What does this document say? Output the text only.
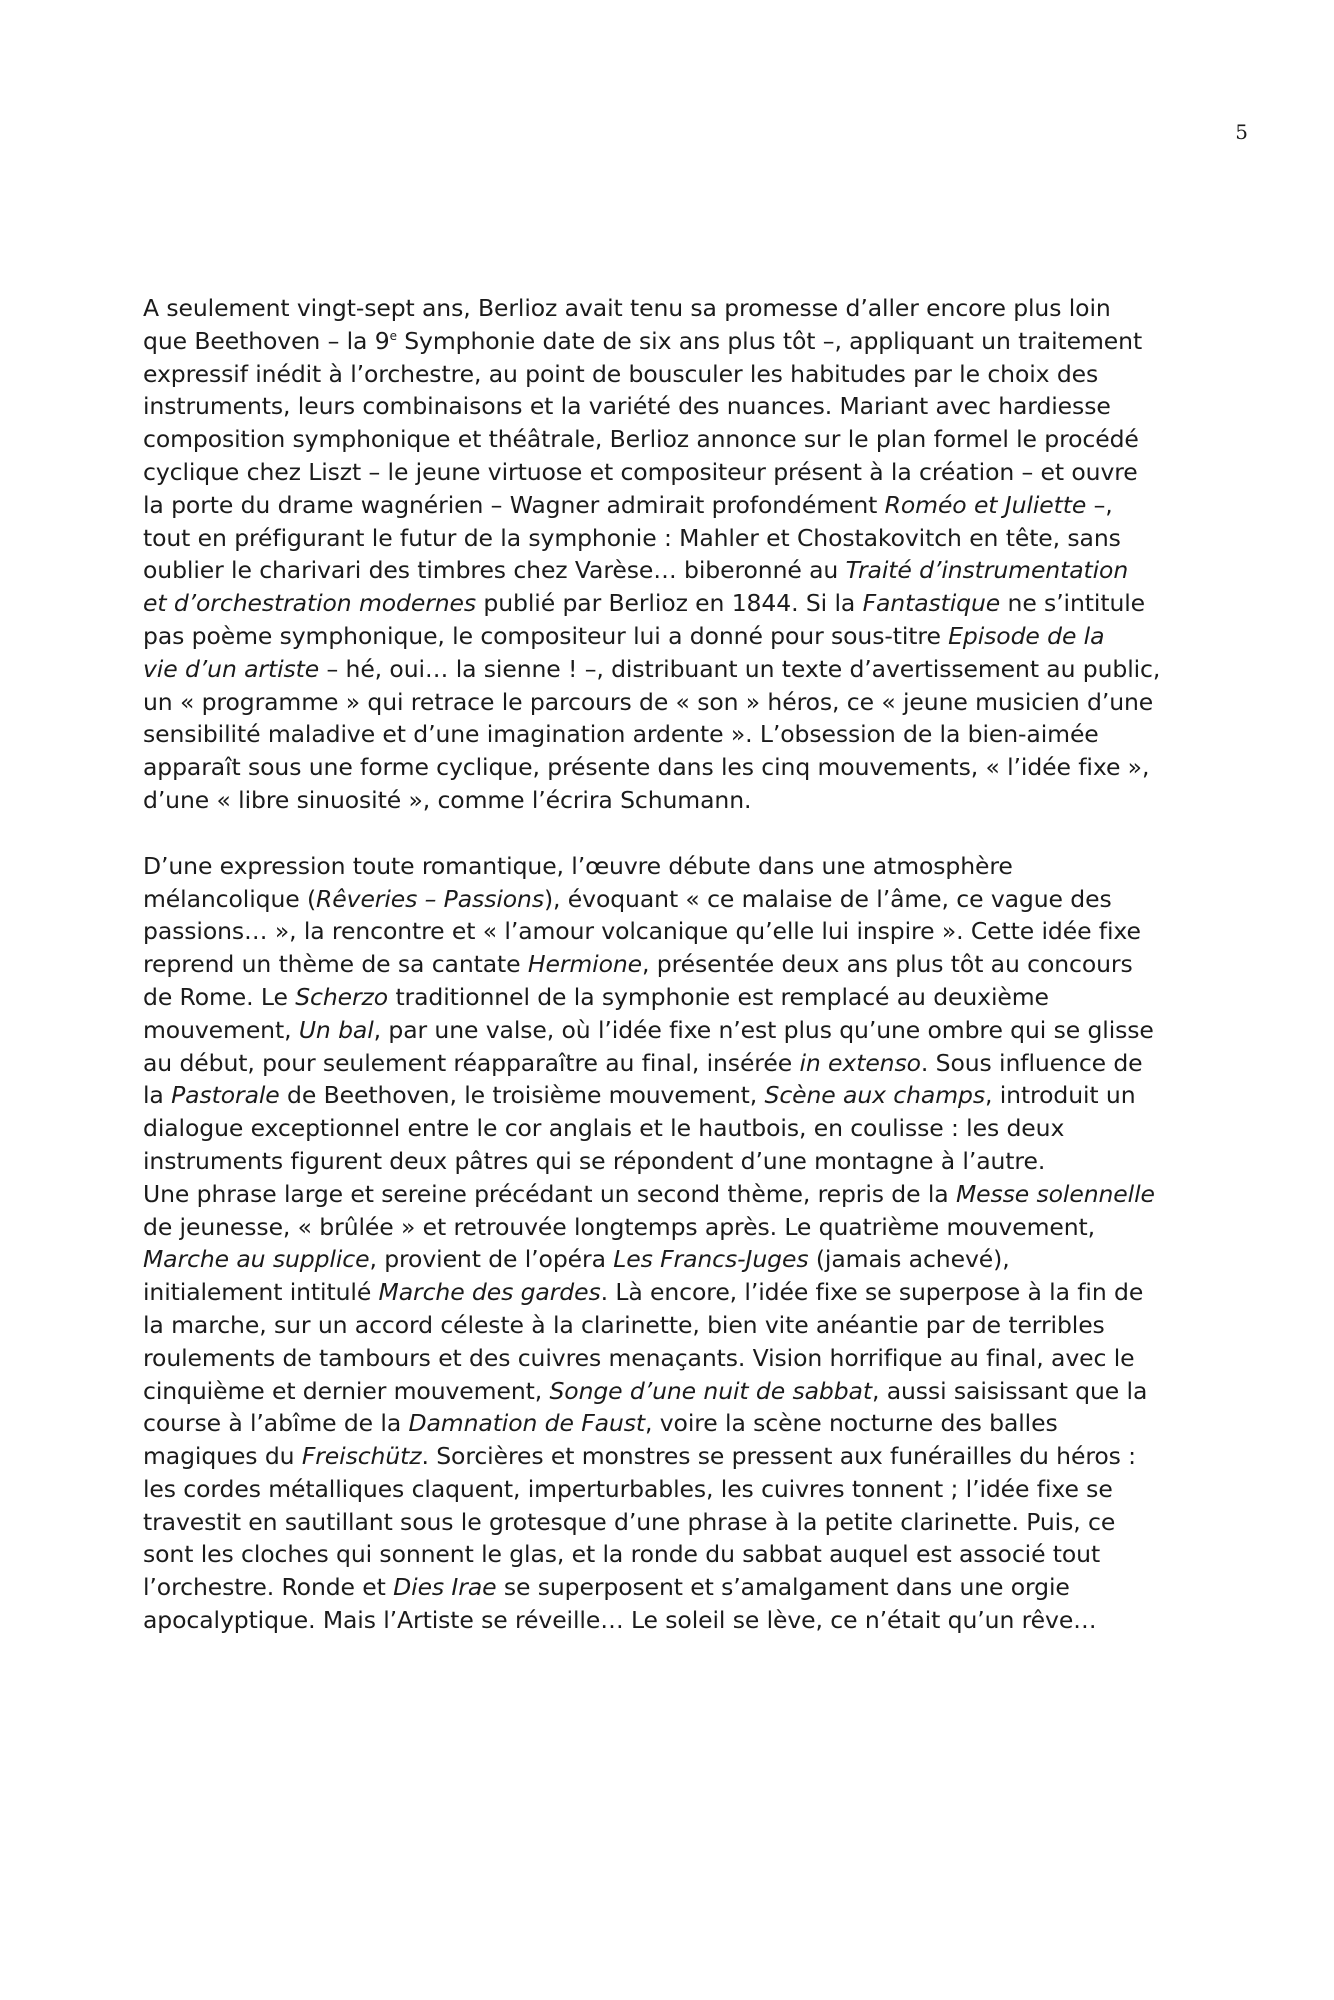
5

A seulement vingt-sept ans, Berlioz avait tenu sa promesse d’aller encore plus loin
que Beethoven – la 9e Symphonie date de six ans plus tôt –, appliquant un traitement
expressif inédit à l’orchestre, au point de bousculer les habitudes par le choix des
instruments, leurs combinaisons et la variété des nuances. Mariant avec hardiesse
composition symphonique et théâtrale, Berlioz annonce sur le plan formel le procédé
cyclique chez Liszt – le jeune virtuose et compositeur présent à la création – et ouvre
la porte du drame wagnérien – Wagner admirait profondément Roméo et Juliette –,
tout en préfigurant le futur de la symphonie : Mahler et Chostakovitch en tête, sans
oublier le charivari des timbres chez Varèse… biberonné au Traité d’instrumentation
et d’orchestration modernes publié par Berlioz en 1844. Si la Fantastique ne s’intitule
pas poème symphonique, le compositeur lui a donné pour sous-titre Episode de la
vie d’un artiste – hé, oui… la sienne ! –, distribuant un texte d’avertissement au public,
un « programme » qui retrace le parcours de « son » héros, ce « jeune musicien d’une
sensibilité maladive et d’une imagination ardente ». L’obsession de la bien-aimée
apparaît sous une forme cyclique, présente dans les cinq mouvements, « l’idée fixe »,
d’une « libre sinuosité », comme l’écrira Schumann.

D’une expression toute romantique, l’œuvre débute dans une atmosphère
mélancolique (Rêveries – Passions), évoquant « ce malaise de l’âme, ce vague des
passions… », la rencontre et « l’amour volcanique qu’elle lui inspire ». Cette idée fixe
reprend un thème de sa cantate Hermione, présentée deux ans plus tôt au concours
de Rome. Le Scherzo traditionnel de la symphonie est remplacé au deuxième
mouvement, Un bal, par une valse, où l’idée fixe n’est plus qu’une ombre qui se glisse
au début, pour seulement réapparaître au final, insérée in extenso. Sous influence de
la Pastorale de Beethoven, le troisième mouvement, Scène aux champs, introduit un
dialogue exceptionnel entre le cor anglais et le hautbois, en coulisse : les deux
instruments figurent deux pâtres qui se répondent d’une montagne à l’autre.
Une phrase large et sereine précédant un second thème, repris de la Messe solennelle
de jeunesse, « brûlée » et retrouvée longtemps après. Le quatrième mouvement,
Marche au supplice, provient de l’opéra Les Francs-Juges (jamais achevé),
initialement intitulé Marche des gardes. Là encore, l’idée fixe se superpose à la fin de
la marche, sur un accord céleste à la clarinette, bien vite anéantie par de terribles
roulements de tambours et des cuivres menaçants. Vision horrifique au final, avec le
cinquième et dernier mouvement, Songe d’une nuit de sabbat, aussi saisissant que la
course à l’abîme de la Damnation de Faust, voire la scène nocturne des balles
magiques du Freischütz. Sorcières et monstres se pressent aux funérailles du héros :
les cordes métalliques claquent, imperturbables, les cuivres tonnent ; l’idée fixe se
travestit en sautillant sous le grotesque d’une phrase à la petite clarinette. Puis, ce
sont les cloches qui sonnent le glas, et la ronde du sabbat auquel est associé tout
l’orchestre. Ronde et Dies Irae se superposent et s’amalgament dans une orgie
apocalyptique. Mais l’Artiste se réveille… Le soleil se lève, ce n’était qu’un rêve…
